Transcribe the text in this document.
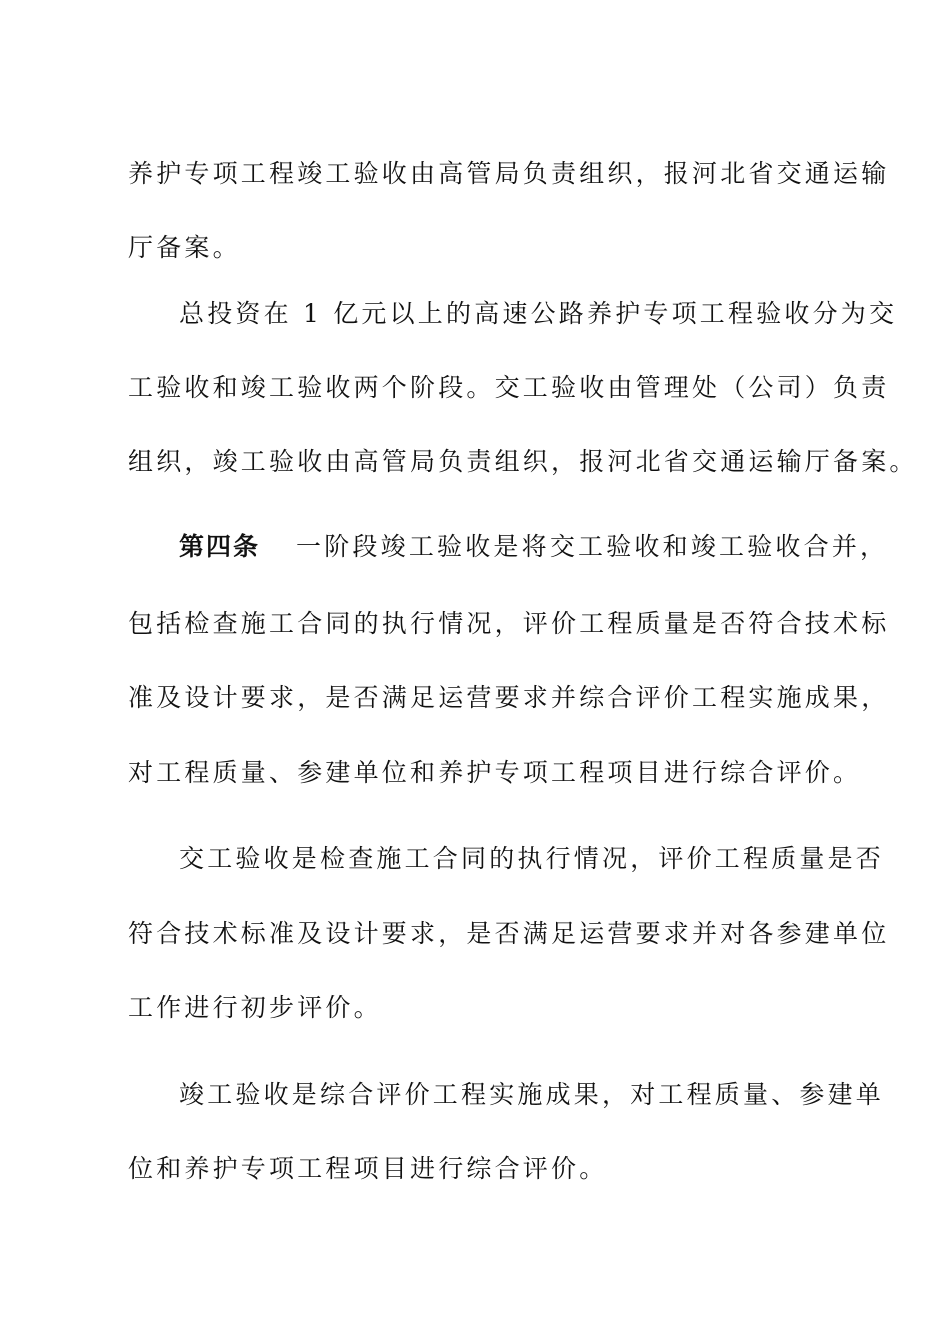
养护专项工程竣工验收由高管局负责组织，报河北省交通运输
厅备案。
总投资在 1 亿元以上的高速公路养护专项工程验收分为交
工验收和竣工验收两个阶段。交工验收由管理处（公司）负责
组织，竣工验收由高管局负责组织，报河北省交通运输厅备案。
第四条 一阶段竣工验收是将交工验收和竣工验收合并，
包括检查施工合同的执行情况，评价工程质量是否符合技术标
准及设计要求，是否满足运营要求并综合评价工程实施成果，
对工程质量、参建单位和养护专项工程项目进行综合评价。
交工验收是检查施工合同的执行情况，评价工程质量是否
符合技术标准及设计要求，是否满足运营要求并对各参建单位
工作进行初步评价。
竣工验收是综合评价工程实施成果，对工程质量、参建单
位和养护专项工程项目进行综合评价。
